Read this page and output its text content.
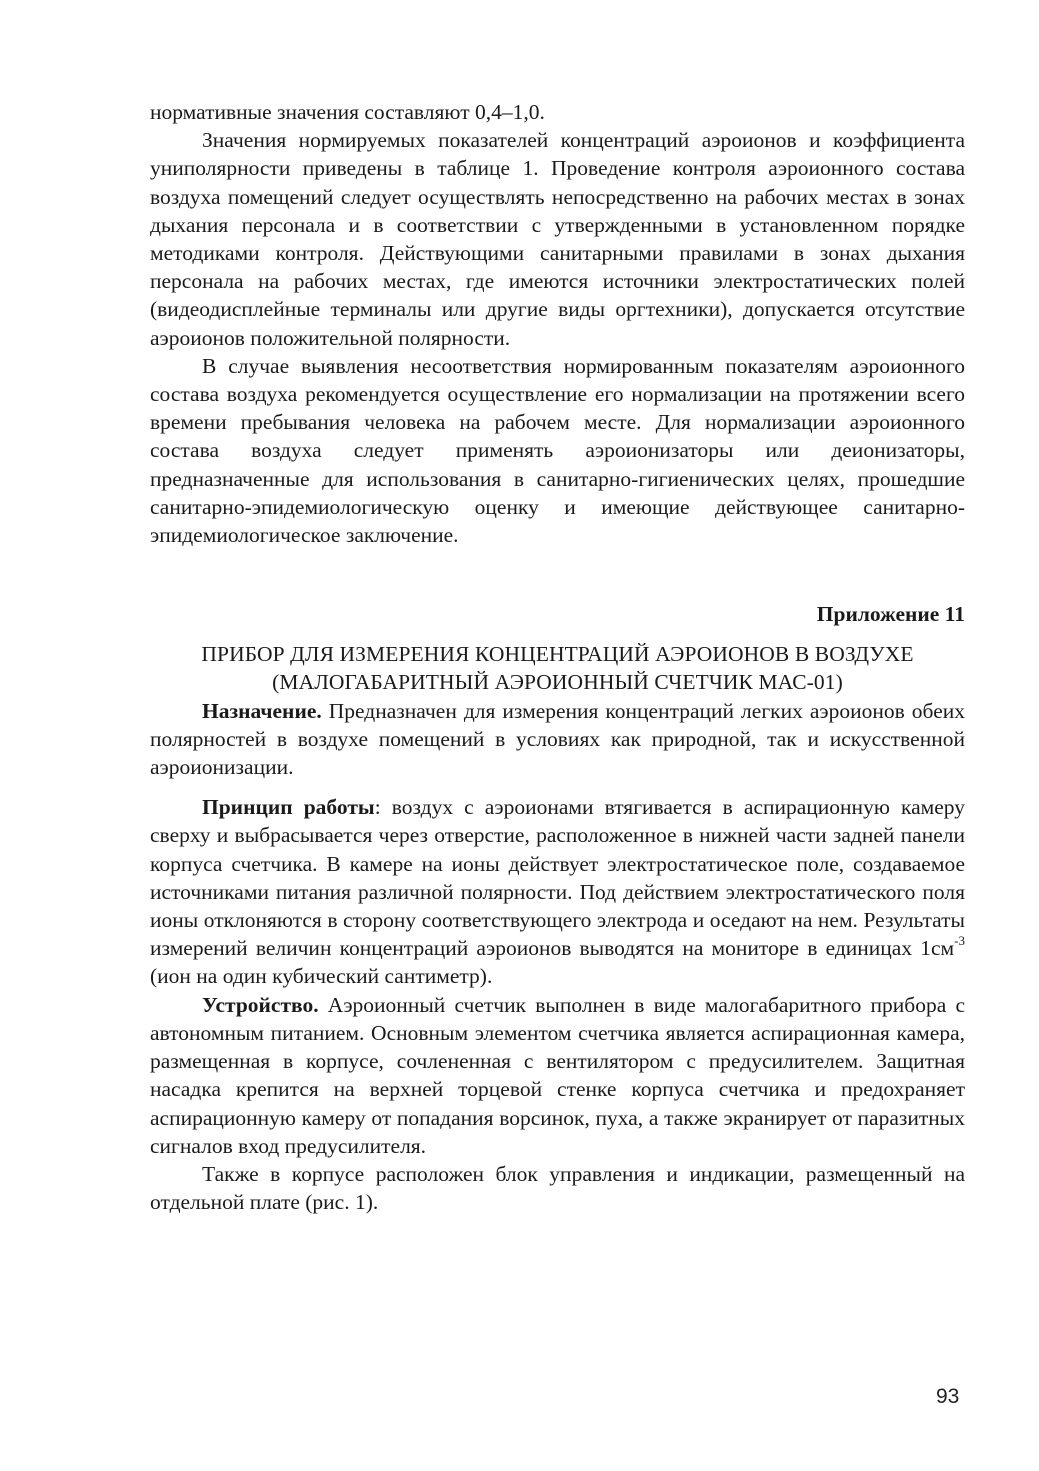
нормативные значения составляют 0,4–1,0.

Значения нормируемых показателей концентраций аэроионов и коэффициента униполярности приведены в таблице 1. Проведение контроля аэроионного состава воздуха помещений следует осуществлять непосредственно на рабочих местах в зонах дыхания персонала и в соответствии с утвержденными в установленном порядке методиками контроля. Действующими санитарными правилами в зонах дыхания персонала на рабочих местах, где имеются источники электростатических полей (видеодисплейные терминалы или другие виды оргтехники), допускается отсутствие аэроионов положительной полярности.

В случае выявления несоответствия нормированным показателям аэроионного состава воздуха рекомендуется осуществление его нормализации на протяжении всего времени пребывания человека на рабочем месте. Для нормализации аэроионного состава воздуха следует применять аэроионизаторы или деионизаторы, предназначенные для использования в санитарно-гигиенических целях, прошедшие санитарно-эпидемиологическую оценку и имеющие действующее санитарно-эпидемиологическое заключение.

Приложение 11

ПРИБОР ДЛЯ ИЗМЕРЕНИЯ КОНЦЕНТРАЦИЙ АЭРОИОНОВ В ВОЗДУХЕ
(МАЛОГАБАРИТНЫЙ АЭРОИОННЫЙ СЧЕТЧИК МАС-01)

Назначение. Предназначен для измерения концентраций легких аэроионов обеих полярностей в воздухе помещений в условиях как природной, так и искусственной аэроионизации.

Принцип работы: воздух с аэроионами втягивается в аспирационную камеру сверху и выбрасывается через отверстие, расположенное в нижней части задней панели корпуса счетчика. В камере на ионы действует электростатическое поле, создаваемое источниками питания различной полярности. Под действием электростатического поля ионы отклоняются в сторону соответствующего электрода и оседают на нем. Результаты измерений величин концентраций аэроионов выводятся на мониторе в единицах $1см^{-3}$ (ион на один кубический сантиметр).

Устройство. Аэроионный счетчик выполнен в виде малогабаритного прибора с автономным питанием. Основным элементом счетчика является аспирационная камера, размещенная в корпусе, сочлененная с вентилятором с предусилителем. Защитная насадка крепится на верхней торцевой стенке корпуса счетчика и предохраняет аспирационную камеру от попадания ворсинок, пуха, а также экранирует от паразитных сигналов вход предусилителя.

Также в корпусе расположен блок управления и индикации, размещенный на отдельной плате (рис. 1).

93
